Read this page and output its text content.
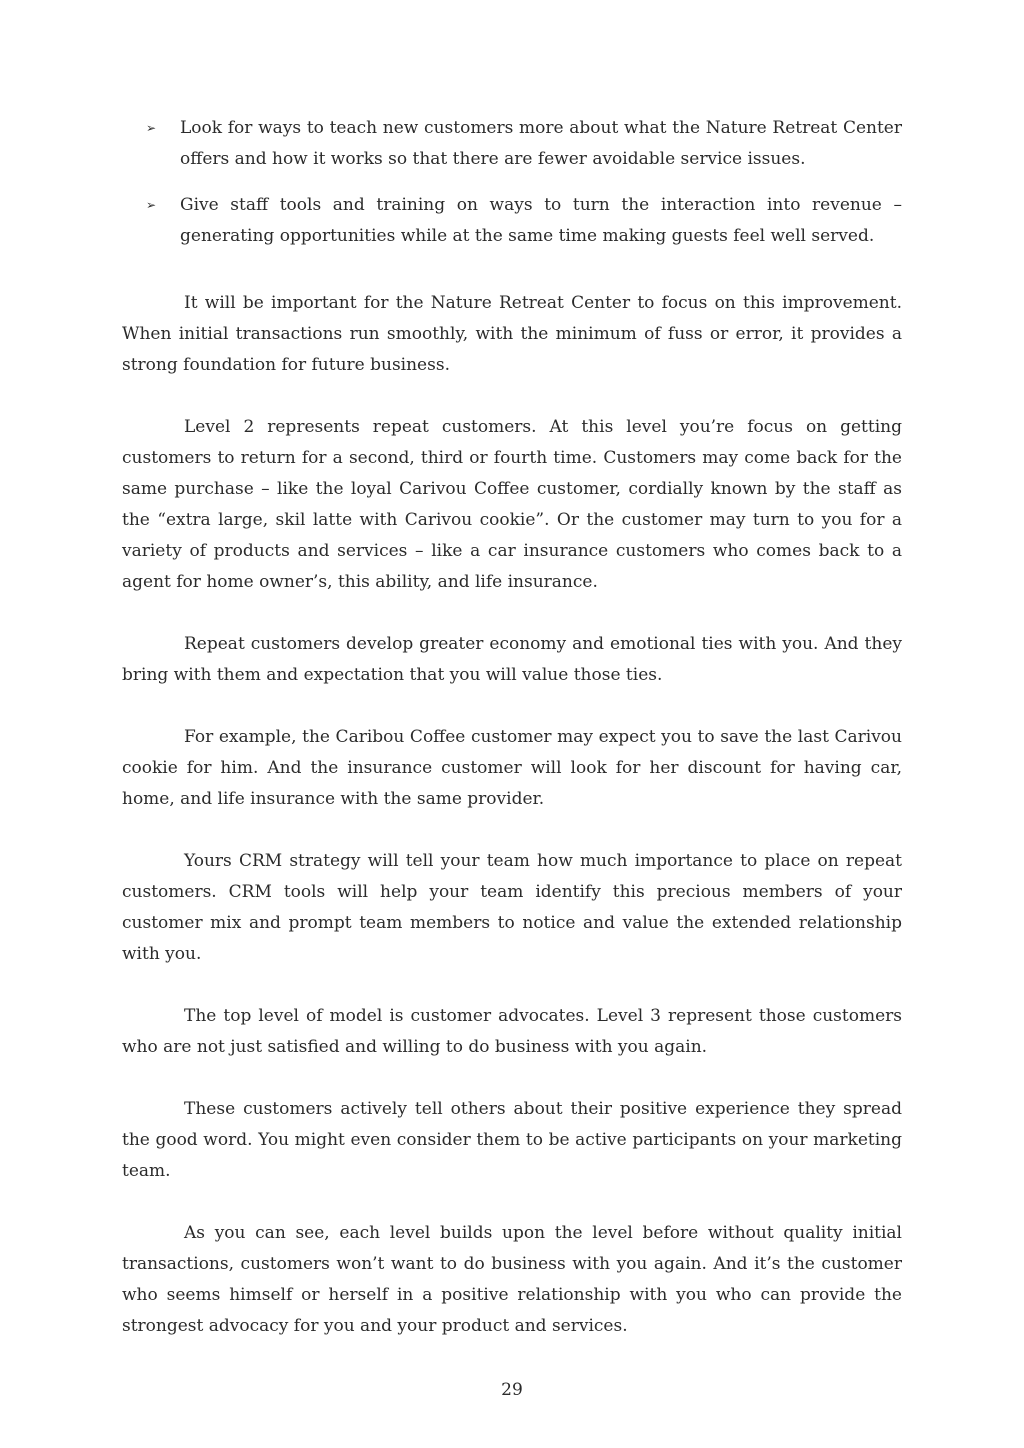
➢ Look for ways to teach new customers more about what the Nature Retreat Center offers and how it works so that there are fewer avoidable service issues.
➢ Give staff tools and training on ways to turn the interaction into revenue – generating opportunities while at the same time making guests feel well served.

It will be important for the Nature Retreat Center to focus on this improvement. When initial transactions run smoothly, with the minimum of fuss or error, it provides a strong foundation for future business.

Level 2 represents repeat customers. At this level you’re focus on getting customers to return for a second, third or fourth time. Customers may come back for the same purchase – like the loyal Carivou Coffee customer, cordially known by the staff as the “extra large, skil latte with Carivou cookie”. Or the customer may turn to you for a variety of products and services – like a car insurance customers who comes back to a agent for home owner’s, this ability, and life insurance.

Repeat customers develop greater economy and emotional ties with you. And they bring with them and expectation that you will value those ties.

For example, the Caribou Coffee customer may expect you to save the last Carivou cookie for him. And the insurance customer will look for her discount for having car, home, and life insurance with the same provider.

Yours CRM strategy will tell your team how much importance to place on repeat customers. CRM tools will help your team identify this precious members of your customer mix and prompt team members to notice and value the extended relationship with you.

The top level of model is customer advocates. Level 3 represent those customers who are not just satisfied and willing to do business with you again.

These customers actively tell others about their positive experience they spread the good word. You might even consider them to be active participants on your marketing team.

As you can see, each level builds upon the level before without quality initial transactions, customers won’t want to do business with you again. And it’s the customer who seems himself or herself in a positive relationship with you who can provide the strongest advocacy for you and your product and services.

29
